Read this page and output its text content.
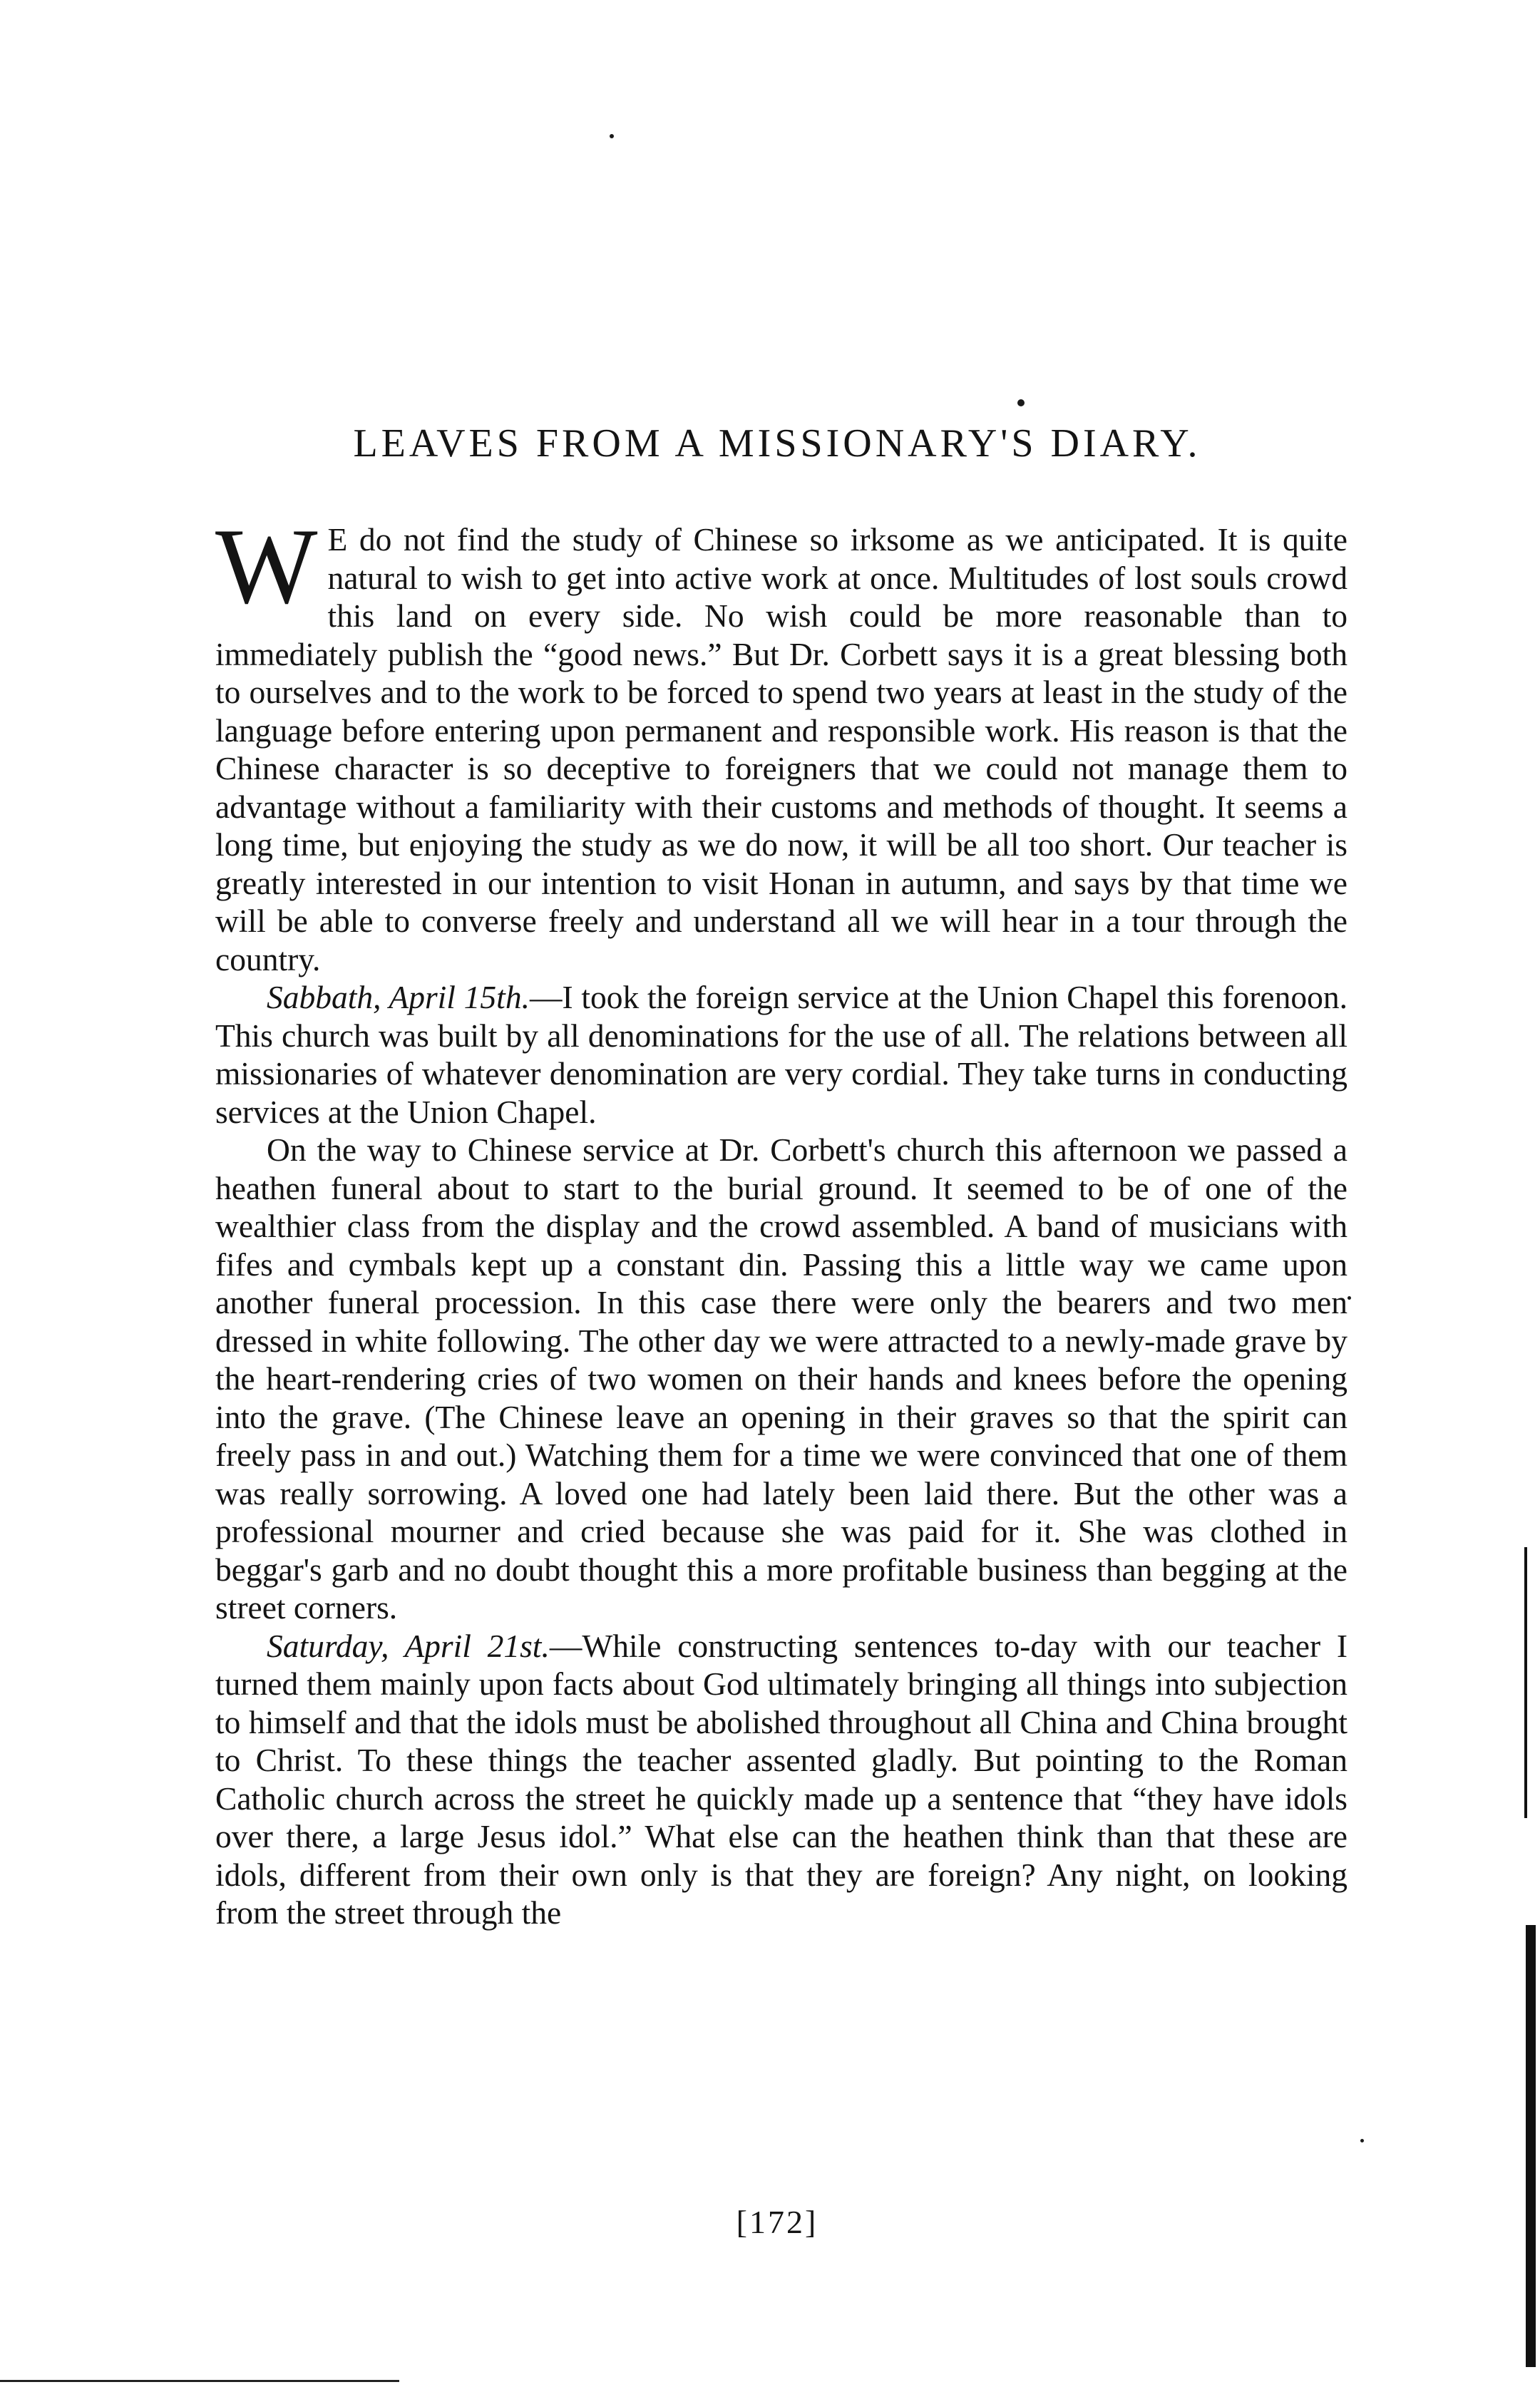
LEAVES FROM A MISSIONARY'S DIARY.

W E do not find the study of Chinese so irksome as we anticipated. It is quite natural to wish to get into active work at once. Multitudes of lost souls crowd this land on every side. No wish could be more reasonable than to immediately publish the “good news.” But Dr. Corbett says it is a great blessing both to ourselves and to the work to be forced to spend two years at least in the study of the language before entering upon permanent and responsible work. His reason is that the Chinese character is so deceptive to foreigners that we could not manage them to advantage without a familiarity with their customs and methods of thought. It seems a long time, but enjoying the study as we do now, it will be all too short. Our teacher is greatly interested in our intention to visit Honan in autumn, and says by that time we will be able to converse freely and understand all we will hear in a tour through the country.

Sabbath, April 15th.—I took the foreign service at the Union Chapel this forenoon. This church was built by all denominations for the use of all. The relations between all missionaries of whatever denomination are very cordial. They take turns in conducting services at the Union Chapel.

On the way to Chinese service at Dr. Corbett's church this afternoon we passed a heathen funeral about to start to the burial ground. It seemed to be of one of the wealthier class from the display and the crowd assembled. A band of musicians with fifes and cymbals kept up a constant din. Passing this a little way we came upon another funeral procession. In this case there were only the bearers and two men dressed in white following. The other day we were attracted to a newly-made grave by the heart-rendering cries of two women on their hands and knees before the opening into the grave. (The Chinese leave an opening in their graves so that the spirit can freely pass in and out.) Watching them for a time we were convinced that one of them was really sorrowing. A loved one had lately been laid there. But the other was a professional mourner and cried because she was paid for it. She was clothed in beggar's garb and no doubt thought this a more profitable business than begging at the street corners.

Saturday, April 21st.—While constructing sentences to-day with our teacher I turned them mainly upon facts about God ultimately bringing all things into subjection to himself and that the idols must be abolished throughout all China and China brought to Christ. To these things the teacher assented gladly. But pointing to the Roman Catholic church across the street he quickly made up a sentence that “they have idols over there, a large Jesus idol.” What else can the heathen think than that these are idols, different from their own only is that they are foreign? Any night, on looking from the street through the

[172]
